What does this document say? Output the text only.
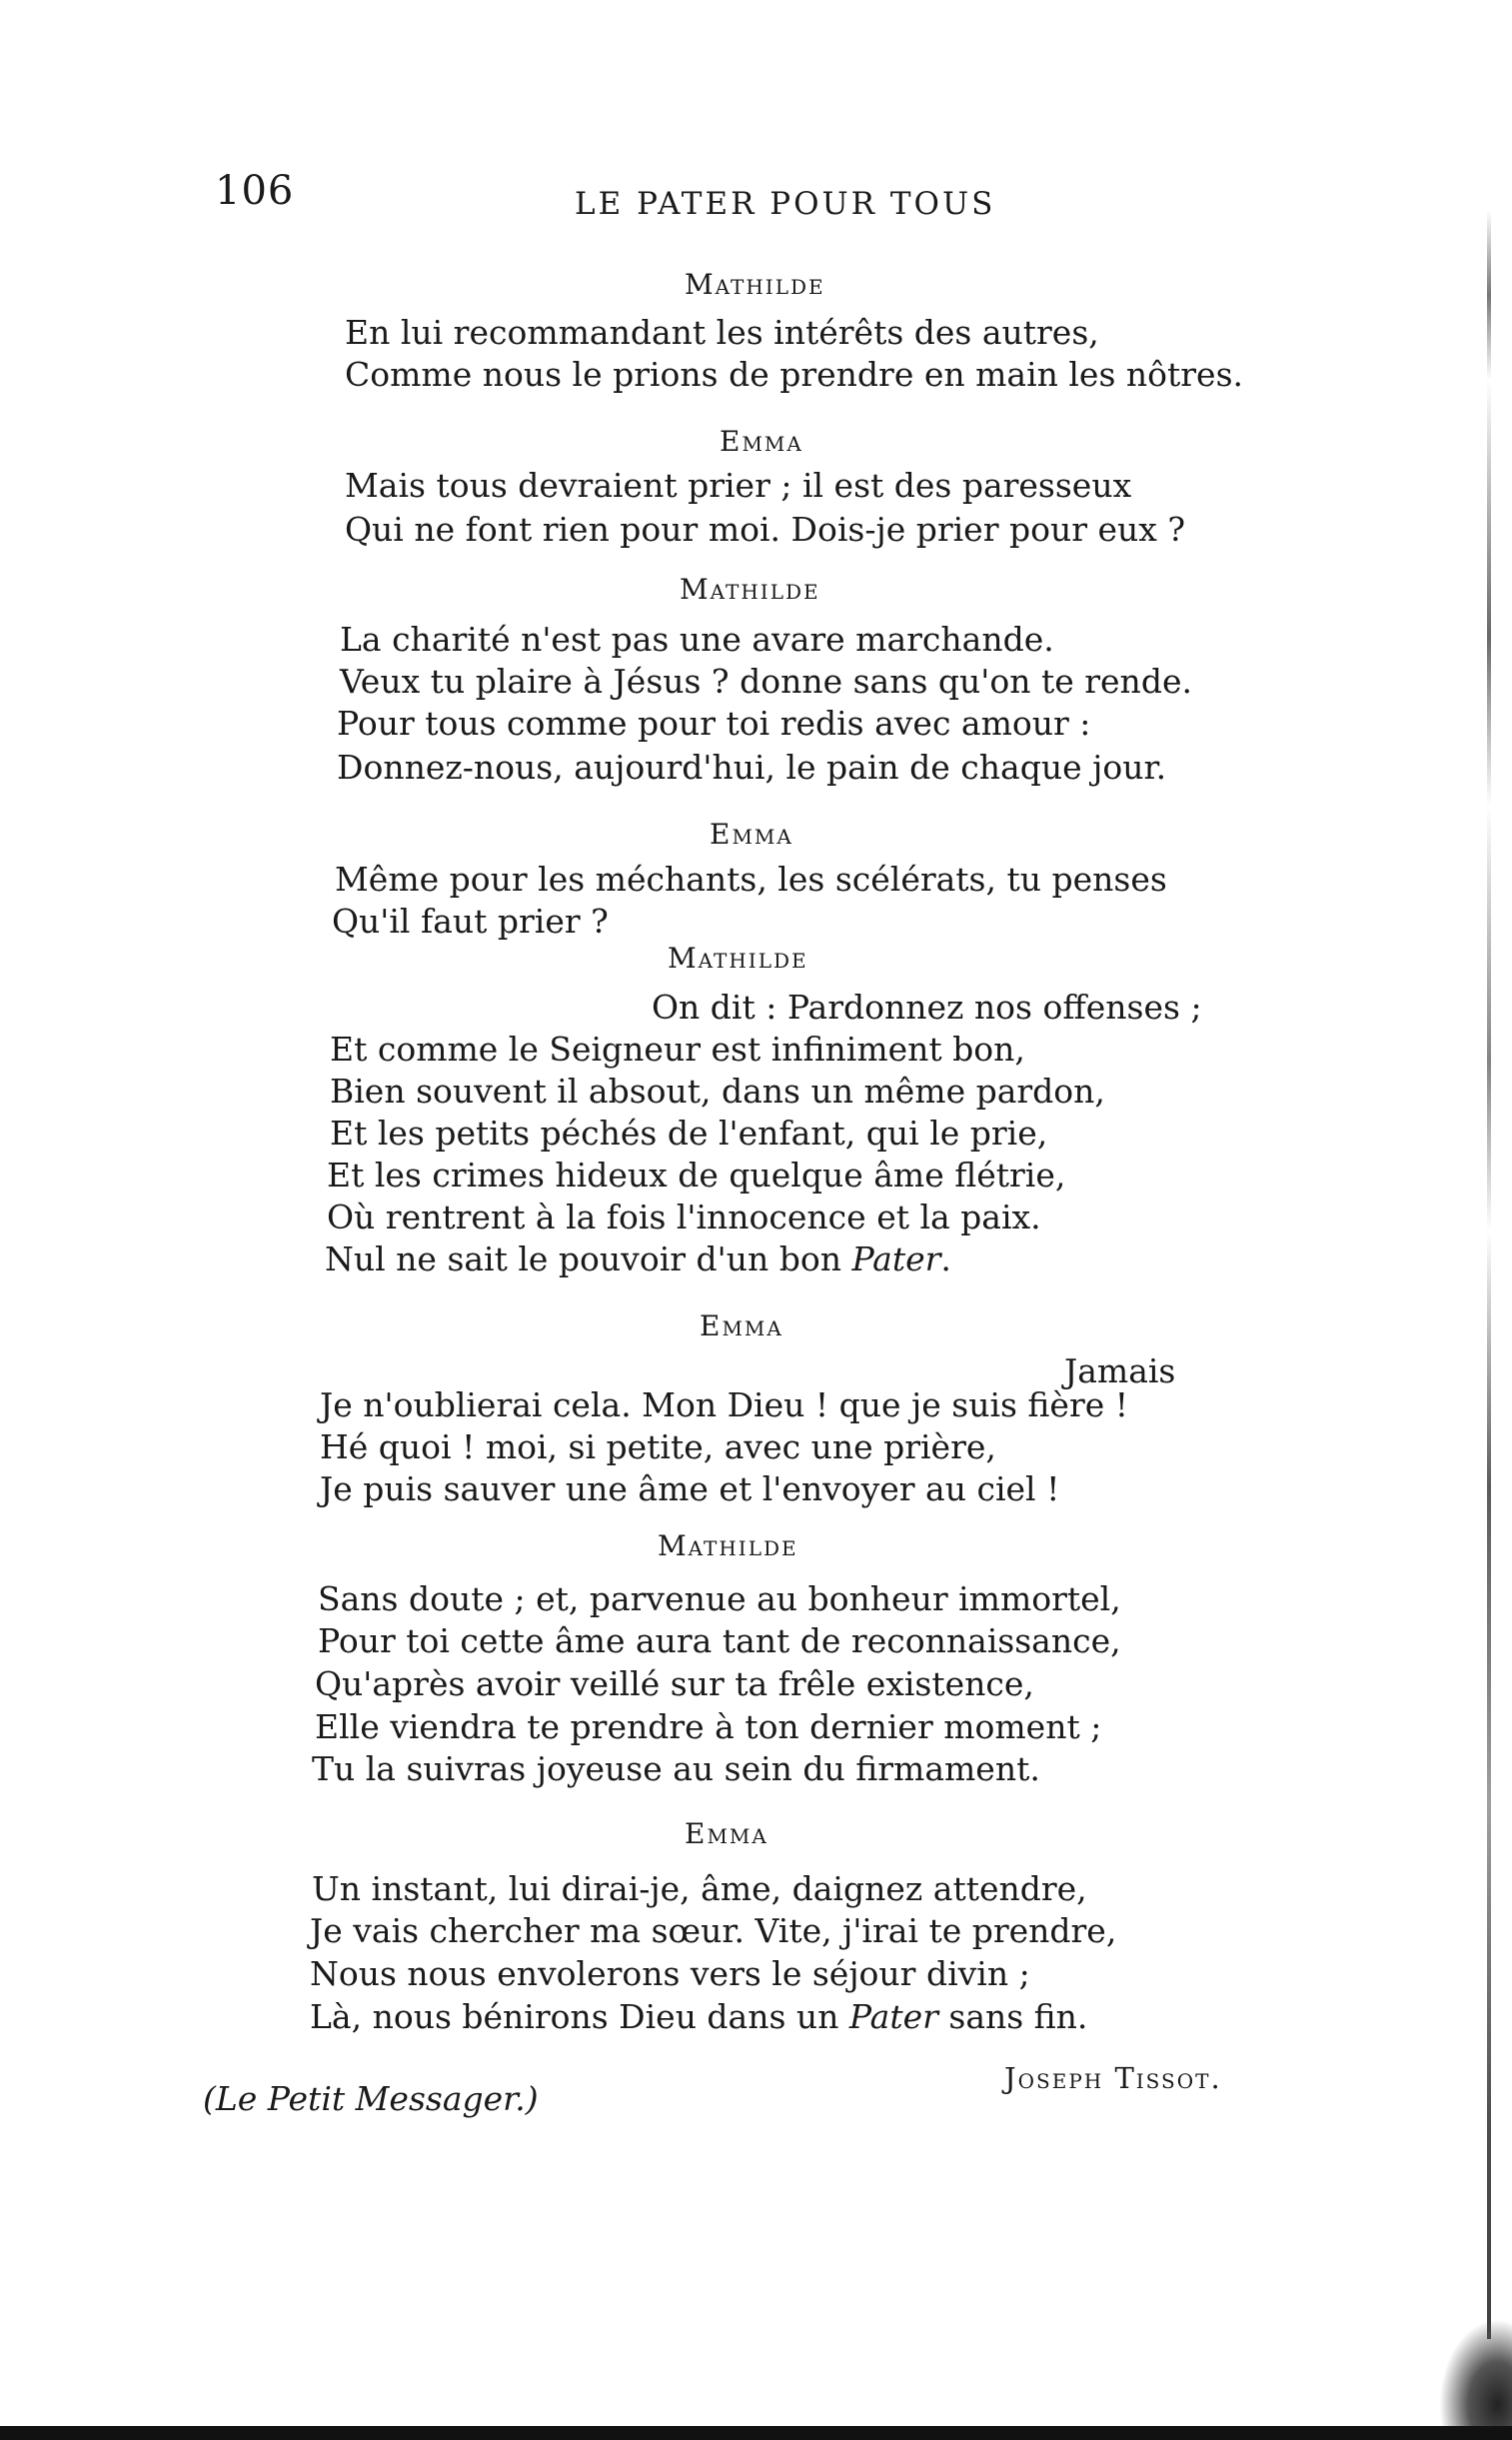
106	LE PATER POUR TOUS
Mathilde
En lui recommandant les intérêts des autres,
Comme nous le prions de prendre en main les nôtres.
Emma
Mais tous devraient prier ; il est des paresseux
Qui ne font rien pour moi. Dois-je prier pour eux ?
Mathilde
La charité n'est pas une avare marchande.
Veux tu plaire à Jésus ? donne sans qu'on te rende.
Pour tous comme pour toi redis avec amour :
Donnez-nous, aujourd'hui, le pain de chaque jour.
Emma
Même pour les méchants, les scélérats, tu penses
Qu'il faut prier ?
Mathilde
On dit : Pardonnez nos offenses ;
Et comme le Seigneur est infiniment bon,
Bien souvent il absout, dans un même pardon,
Et les petits péchés de l'enfant, qui le prie,
Et les crimes hideux de quelque âme flétrie,
Où rentrent à la fois l'innocence et la paix.
Nul ne sait le pouvoir d'un bon Pater.
Emma
Jamais
Je n'oublierai cela. Mon Dieu ! que je suis fière !
Hé quoi ! moi, si petite, avec une prière,
Je puis sauver une âme et l'envoyer au ciel !
Mathilde
Sans doute ; et, parvenue au bonheur immortel,
Pour toi cette âme aura tant de reconnaissance,
Qu'après avoir veillé sur ta frêle existence,
Elle viendra te prendre à ton dernier moment ;
Tu la suivras joyeuse au sein du firmament.
Emma
Un instant, lui dirai-je, âme, daignez attendre,
Je vais chercher ma sœur. Vite, j'irai te prendre,
Nous nous envolerons vers le séjour divin ;
Là, nous bénirons Dieu dans un Pater sans fin.
Joseph Tissot.
(Le Petit Messager.)
